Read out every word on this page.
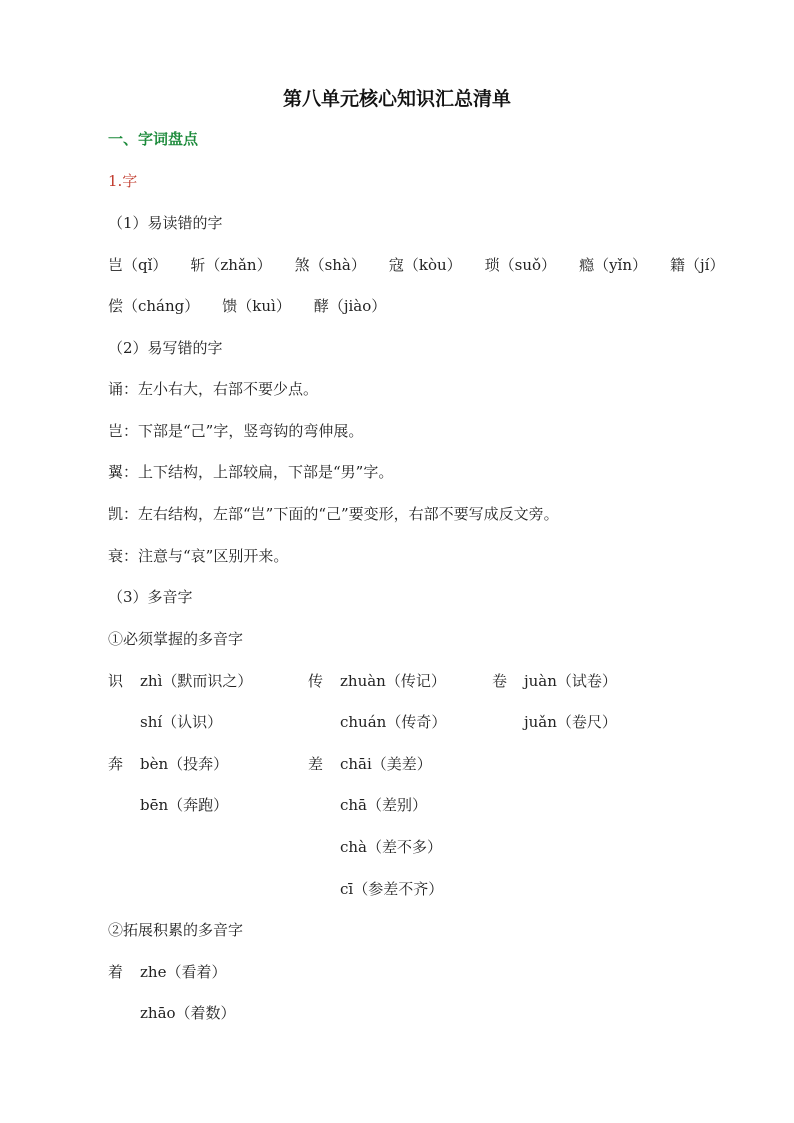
第八单元核心知识汇总清单
一、字词盘点
1.字
（1）易读错的字
岂（qǐ） 斩（zhǎn） 煞（shà） 寇（kòu） 琐（suǒ） 瘾（yǐn） 籍（jí）
偿（cháng） 馈（kuì） 酵（jiào）
（2）易写错的字
诵：左小右大，右部不要少点。
岂：下部是“己”字，竖弯钩的弯伸展。
翼：上下结构，上部较扁，下部是“男”字。
凯：左右结构，左部“岂”下面的“己”要变形，右部不要写成反文旁。
衰：注意与“哀”区别开来。
（3）多音字
①必须掌握的多音字
识 zhì（默而识之）	传 zhuàn（传记）	卷 juàn（试卷）
shí（认识）	chuán（传奇）	juǎn（卷尺）
奔 bèn（投奔）	差 chāi（美差）
bēn（奔跑）	chā（差别）
chà（差不多）
cī（参差不齐）
②拓展积累的多音字
着 zhe（看着）
zhāo（着数）
